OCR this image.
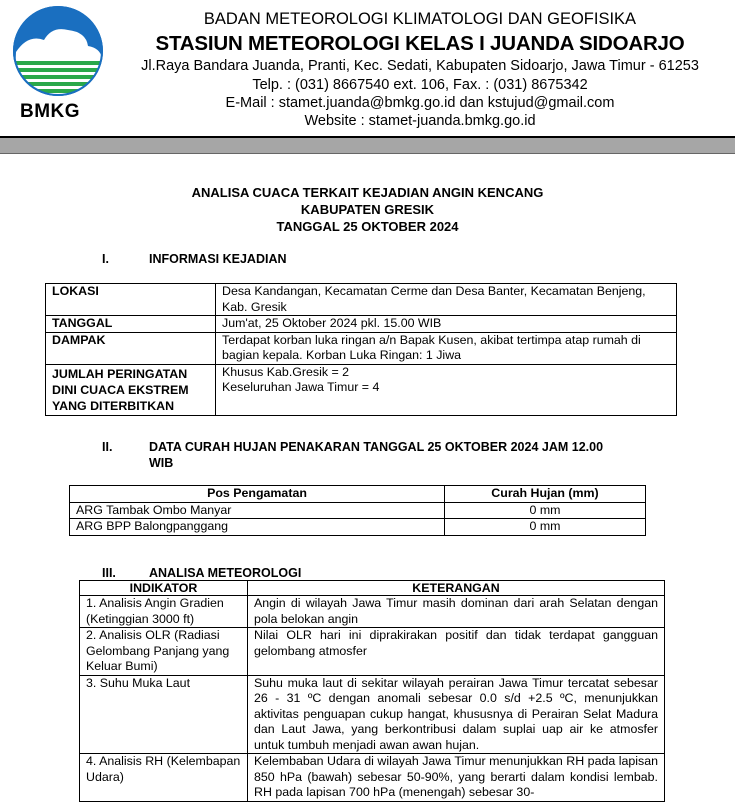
BMKG
BADAN METEOROLOGI KLIMATOLOGI DAN GEOFISIKA
STASIUN METEOROLOGI KELAS I JUANDA SIDOARJO
Jl.Raya Bandara Juanda, Pranti, Kec. Sedati, Kabupaten Sidoarjo, Jawa Timur - 61253
Telp. : (031) 8667540 ext. 106, Fax. : (031) 8675342
E-Mail : stamet.juanda@bmkg.go.id dan kstujud@gmail.com
Website : stamet-juanda.bmkg.go.id
ANALISA CUACA TERKAIT KEJADIAN ANGIN KENCANG
KABUPATEN GRESIK
TANGGAL 25 OKTOBER 2024
I.	INFORMASI KEJADIAN
LOKASI	Desa Kandangan, Kecamatan Cerme dan Desa Banter, Kecamatan Benjeng, Kab. Gresik
TANGGAL	Jum'at, 25 Oktober 2024 pkl. 15.00 WIB
DAMPAK	Terdapat korban luka ringan a/n Bapak Kusen, akibat tertimpa atap rumah di bagian kepala. Korban Luka Ringan: 1 Jiwa
JUMLAH PERINGATAN DINI CUACA EKSTREM YANG DITERBITKAN	Khusus Kab.Gresik = 2
Keseluruhan Jawa Timur = 4
II.	DATA CURAH HUJAN PENAKARAN TANGGAL 25 OKTOBER 2024 JAM 12.00
WIB
Pos Pengamatan	Curah Hujan (mm)
ARG Tambak Ombo Manyar	0 mm
ARG BPP Balongpanggang	0 mm
III.	ANALISA METEOROLOGI
INDIKATOR	KETERANGAN
1. Analisis Angin Gradien (Ketinggian 3000 ft)	Angin di wilayah Jawa Timur masih dominan dari arah Selatan dengan pola belokan angin
2. Analisis OLR (Radiasi Gelombang Panjang yang Keluar Bumi)	Nilai OLR hari ini diprakirakan positif dan tidak terdapat gangguan gelombang atmosfer
3. Suhu Muka Laut	Suhu muka laut di sekitar wilayah perairan Jawa Timur tercatat sebesar 26 - 31 ºC dengan anomali sebesar 0.0 s/d +2.5 ºC, menunjukkan aktivitas penguapan cukup hangat, khususnya di Perairan Selat Madura dan Laut Jawa, yang berkontribusi dalam suplai uap air ke atmosfer untuk tumbuh menjadi awan awan hujan.
4. Analisis RH (Kelembapan Udara)	Kelembaban Udara di wilayah Jawa Timur menunjukkan RH pada lapisan 850 hPa (bawah) sebesar 50-90%, yang berarti dalam kondisi lembab. RH pada lapisan 700 hPa (menengah) sebesar 30-
